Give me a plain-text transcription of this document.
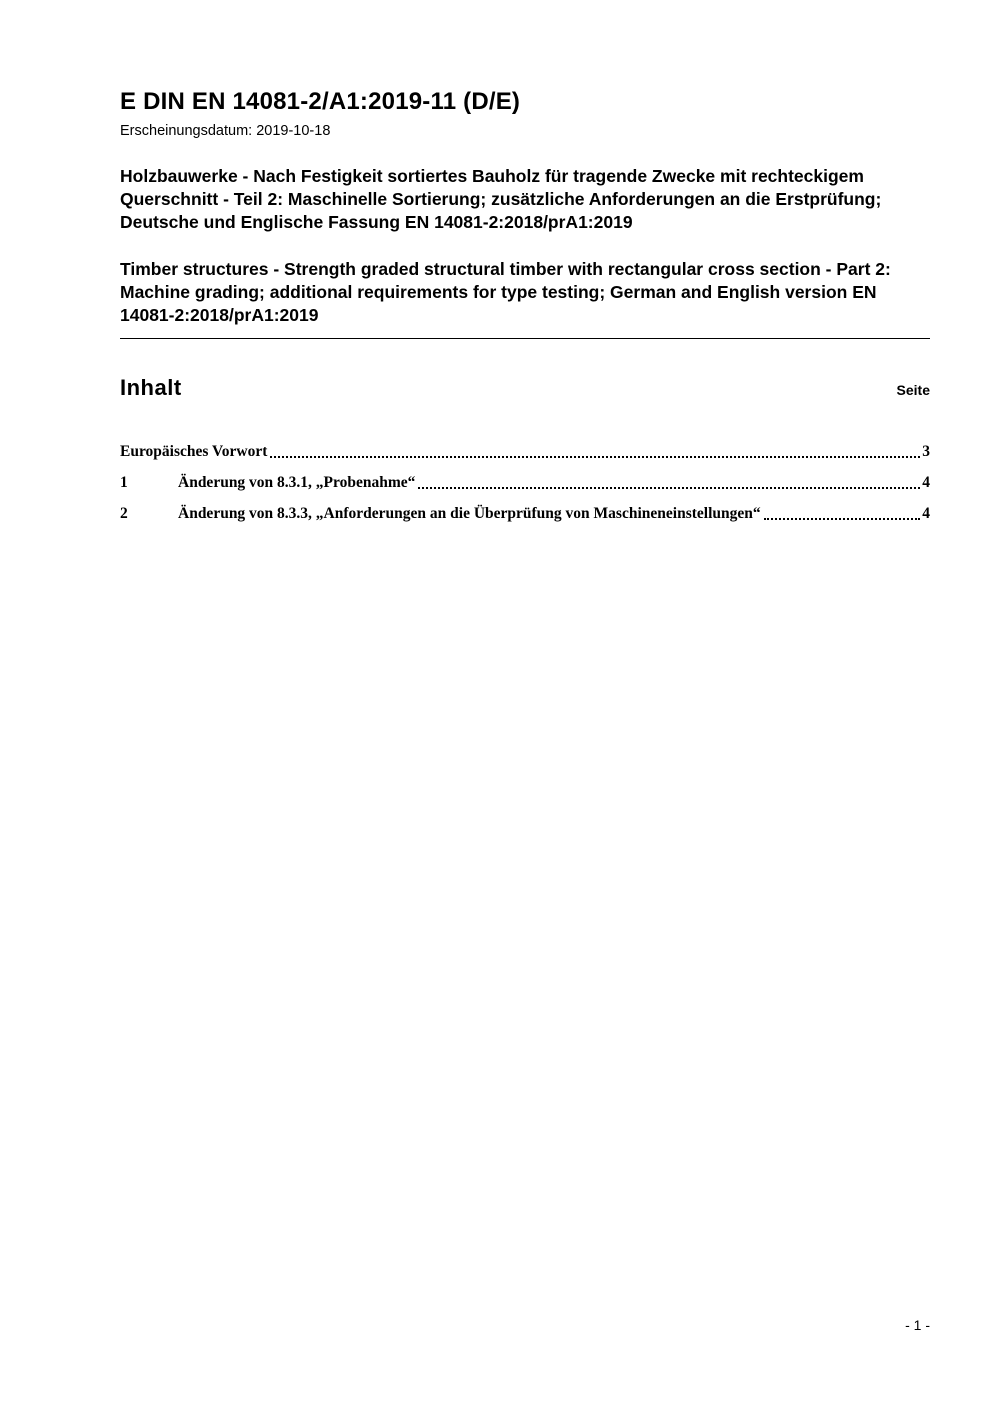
E DIN EN 14081-2/A1:2019-11 (D/E)

Erscheinungsdatum: 2019-10-18

Holzbauwerke - Nach Festigkeit sortiertes Bauholz für tragende Zwecke mit rechteckigem Querschnitt - Teil 2: Maschinelle Sortierung; zusätzliche Anforderungen an die Erstprüfung; Deutsche und Englische Fassung EN 14081-2:2018/prA1:2019

Timber structures - Strength graded structural timber with rectangular cross section - Part 2: Machine grading; additional requirements for type testing; German and English version EN 14081-2:2018/prA1:2019

Inhalt	Seite
Europäisches Vorwort	3
1	Änderung von 8.3.1, „Probenahme“	4
2	Änderung von 8.3.3, „Anforderungen an die Überprüfung von Maschineneinstellungen“	4
- 1 -
